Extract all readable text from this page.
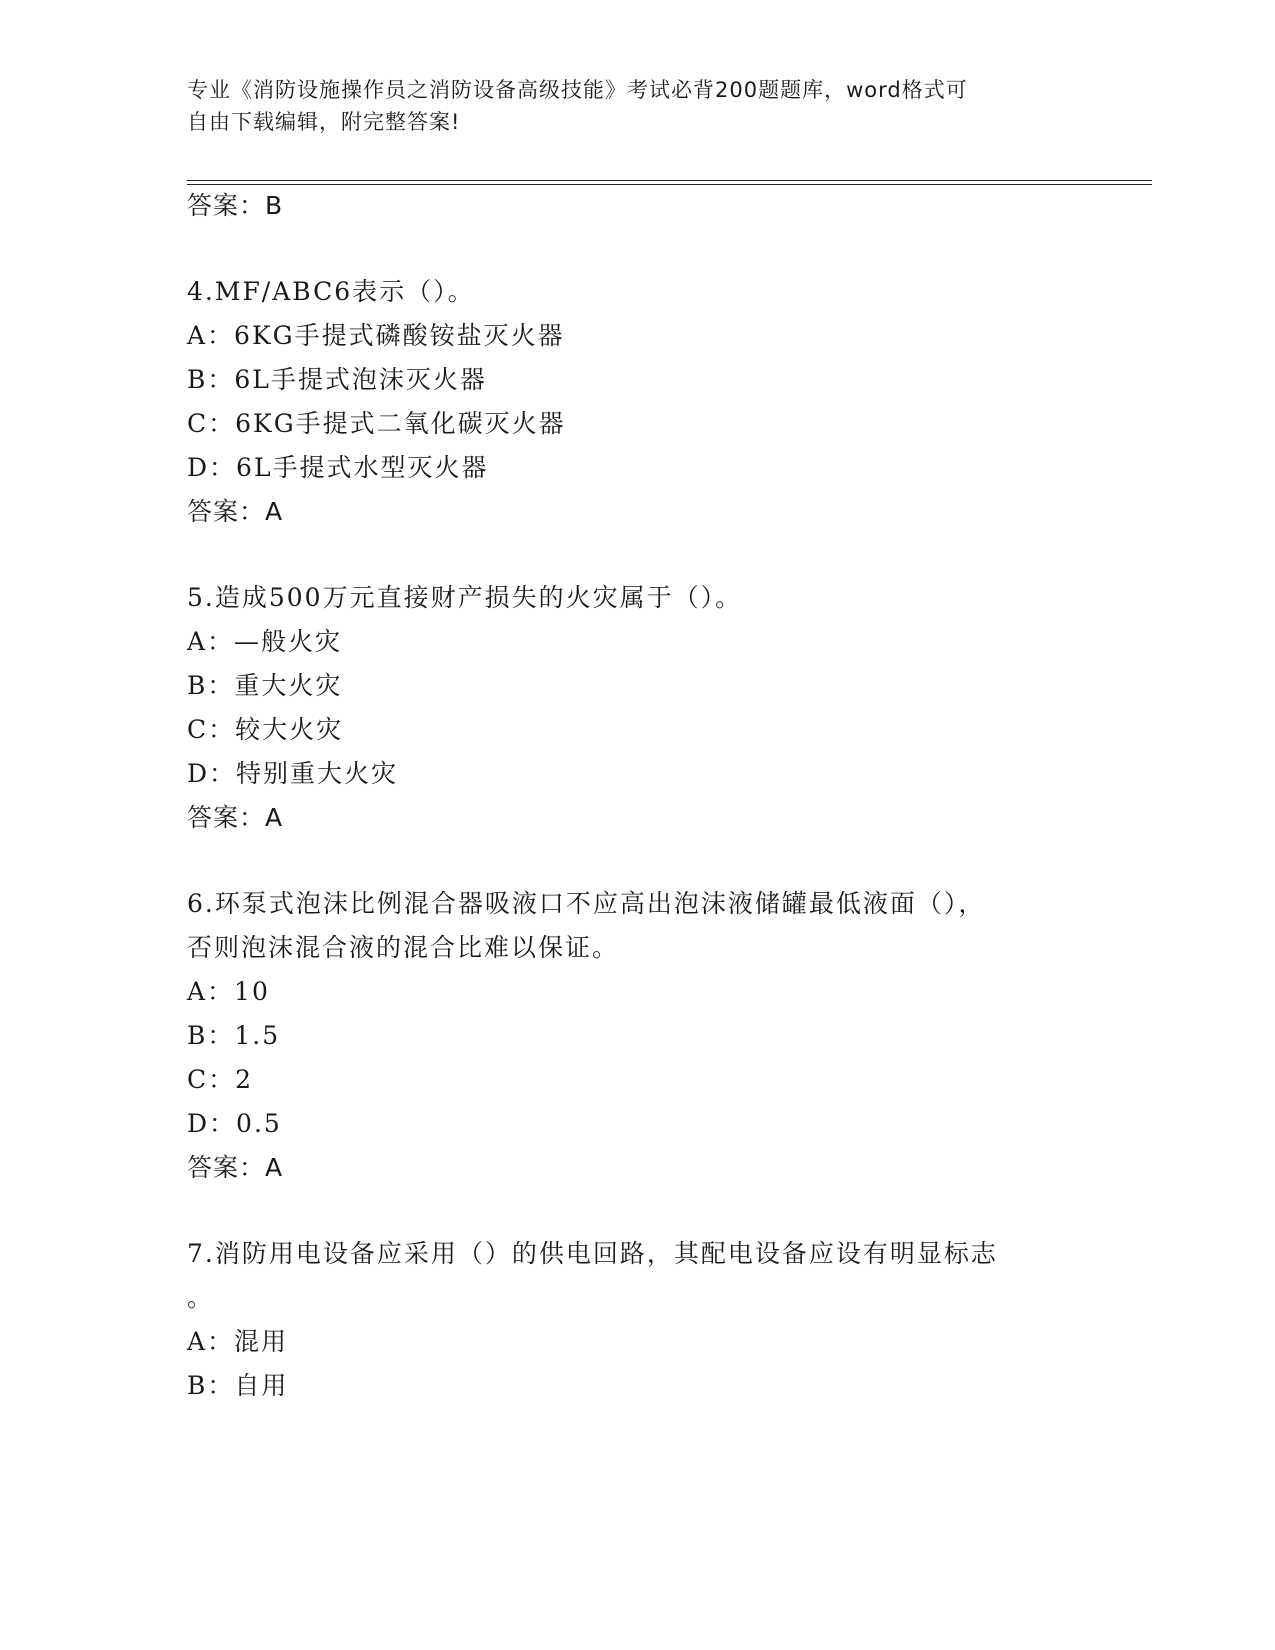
专业《消防设施操作员之消防设备高级技能》考试必背200题题库，word格式可
自由下载编辑，附完整答案!
答案：B
4.MF/ABC6表示（）。
A：6KG手提式磷酸铵盐灭火器
B：6L手提式泡沫灭火器
C：6KG手提式二氧化碳灭火器
D：6L手提式水型灭火器
答案：A
5.造成500万元直接财产损失的火灾属于（）。
A：—般火灾
B：重大火灾
C：较大火灾
D：特别重大火灾
答案：A
6.环泵式泡沫比例混合器吸液口不应高出泡沫液储罐最低液面（），
否则泡沫混合液的混合比难以保证。
A：10
B：1.5
C：2
D：0.5
答案：A
7.消防用电设备应采用（）的供电回路，其配电设备应设有明显标志
。
A：混用
B：自用
